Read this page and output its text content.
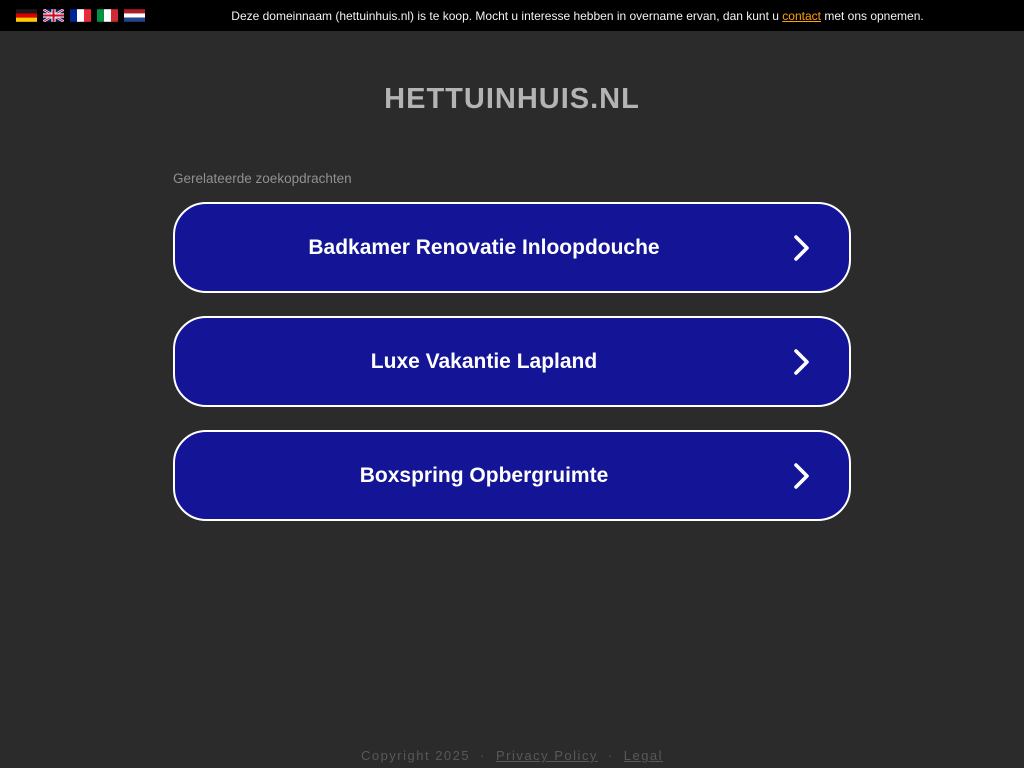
Deze domeinnaam (hettuinhuis.nl) is te koop. Mocht u interesse hebben in overname ervan, dan kunt u contact met ons opnemen.
HETTUINHUIS.NL
Gerelateerde zoekopdrachten
Badkamer Renovatie Inloopdouche
Luxe Vakantie Lapland
Boxspring Opbergruimte
Copyright 2025 · Privacy Policy · Legal
